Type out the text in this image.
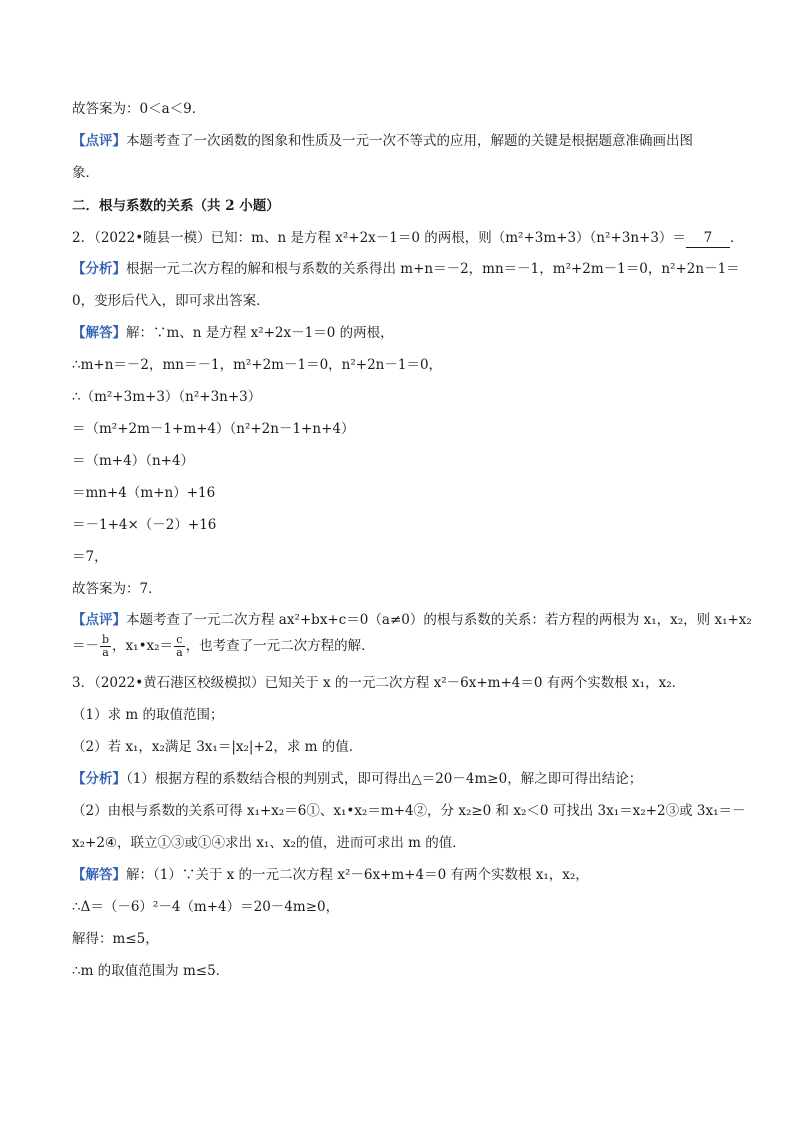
故答案为：0＜a＜9．
【点评】本题考查了一次函数的图象和性质及一元一次不等式的应用，解题的关键是根据题意准确画出图
象．
二．根与系数的关系（共 2 小题）
2．（2022•随县一模）已知：m、n 是方程 x²+2x－1＝0 的两根，则（m²+3m+3）（n²+3n+3）＝ 7 ．
【分析】根据一元二次方程的解和根与系数的关系得出 m+n＝－2，mn＝－1，m²+2m－1＝0，n²+2n－1＝
0，变形后代入，即可求出答案．
【解答】解：∵m、n 是方程 x²+2x－1＝0 的两根，
∴m+n＝－2，mn＝－1，m²+2m－1＝0，n²+2n－1＝0，
∴（m²+3m+3）（n²+3n+3）
＝（m²+2m－1+m+4）（n²+2n－1+n+4）
＝（m+4）（n+4）
＝mn+4（m+n）+16
＝－1+4×（－2）+16
＝7，
故答案为：7．
【点评】本题考查了一元二次方程 ax²+bx+c＝0（a≠0）的根与系数的关系：若方程的两根为 x₁，x₂，则 x₁+x₂
3．（2022•黄石港区校级模拟）已知关于 x 的一元二次方程 x²－6x+m+4＝0 有两个实数根 x₁，x₂．
（1）求 m 的取值范围；
（2）若 x₁，x₂满足 3x₁＝|x₂|+2，求 m 的值．
【分析】（1）根据方程的系数结合根的判别式，即可得出△＝20－4m≥0，解之即可得出结论；
（2）由根与系数的关系可得 x₁+x₂＝6①、x₁•x₂＝m+4②，分 x₂≥0 和 x₂＜0 可找出 3x₁＝x₂+2③或 3x₁＝－
x₂+2④，联立①③或①④求出 x₁、x₂的值，进而可求出 m 的值．
【解答】解：（1）∵关于 x 的一元二次方程 x²－6x+m+4＝0 有两个实数根 x₁，x₂，
∴Δ＝（－6）²－4（m+4）＝20－4m≥0，
解得：m≤5，
∴m 的取值范围为 m≤5．
＝－ $\frac{b}{a}$ ，x₁•x₂＝ $\frac{c}{a}$ ，也考查了一元二次方程的解．
